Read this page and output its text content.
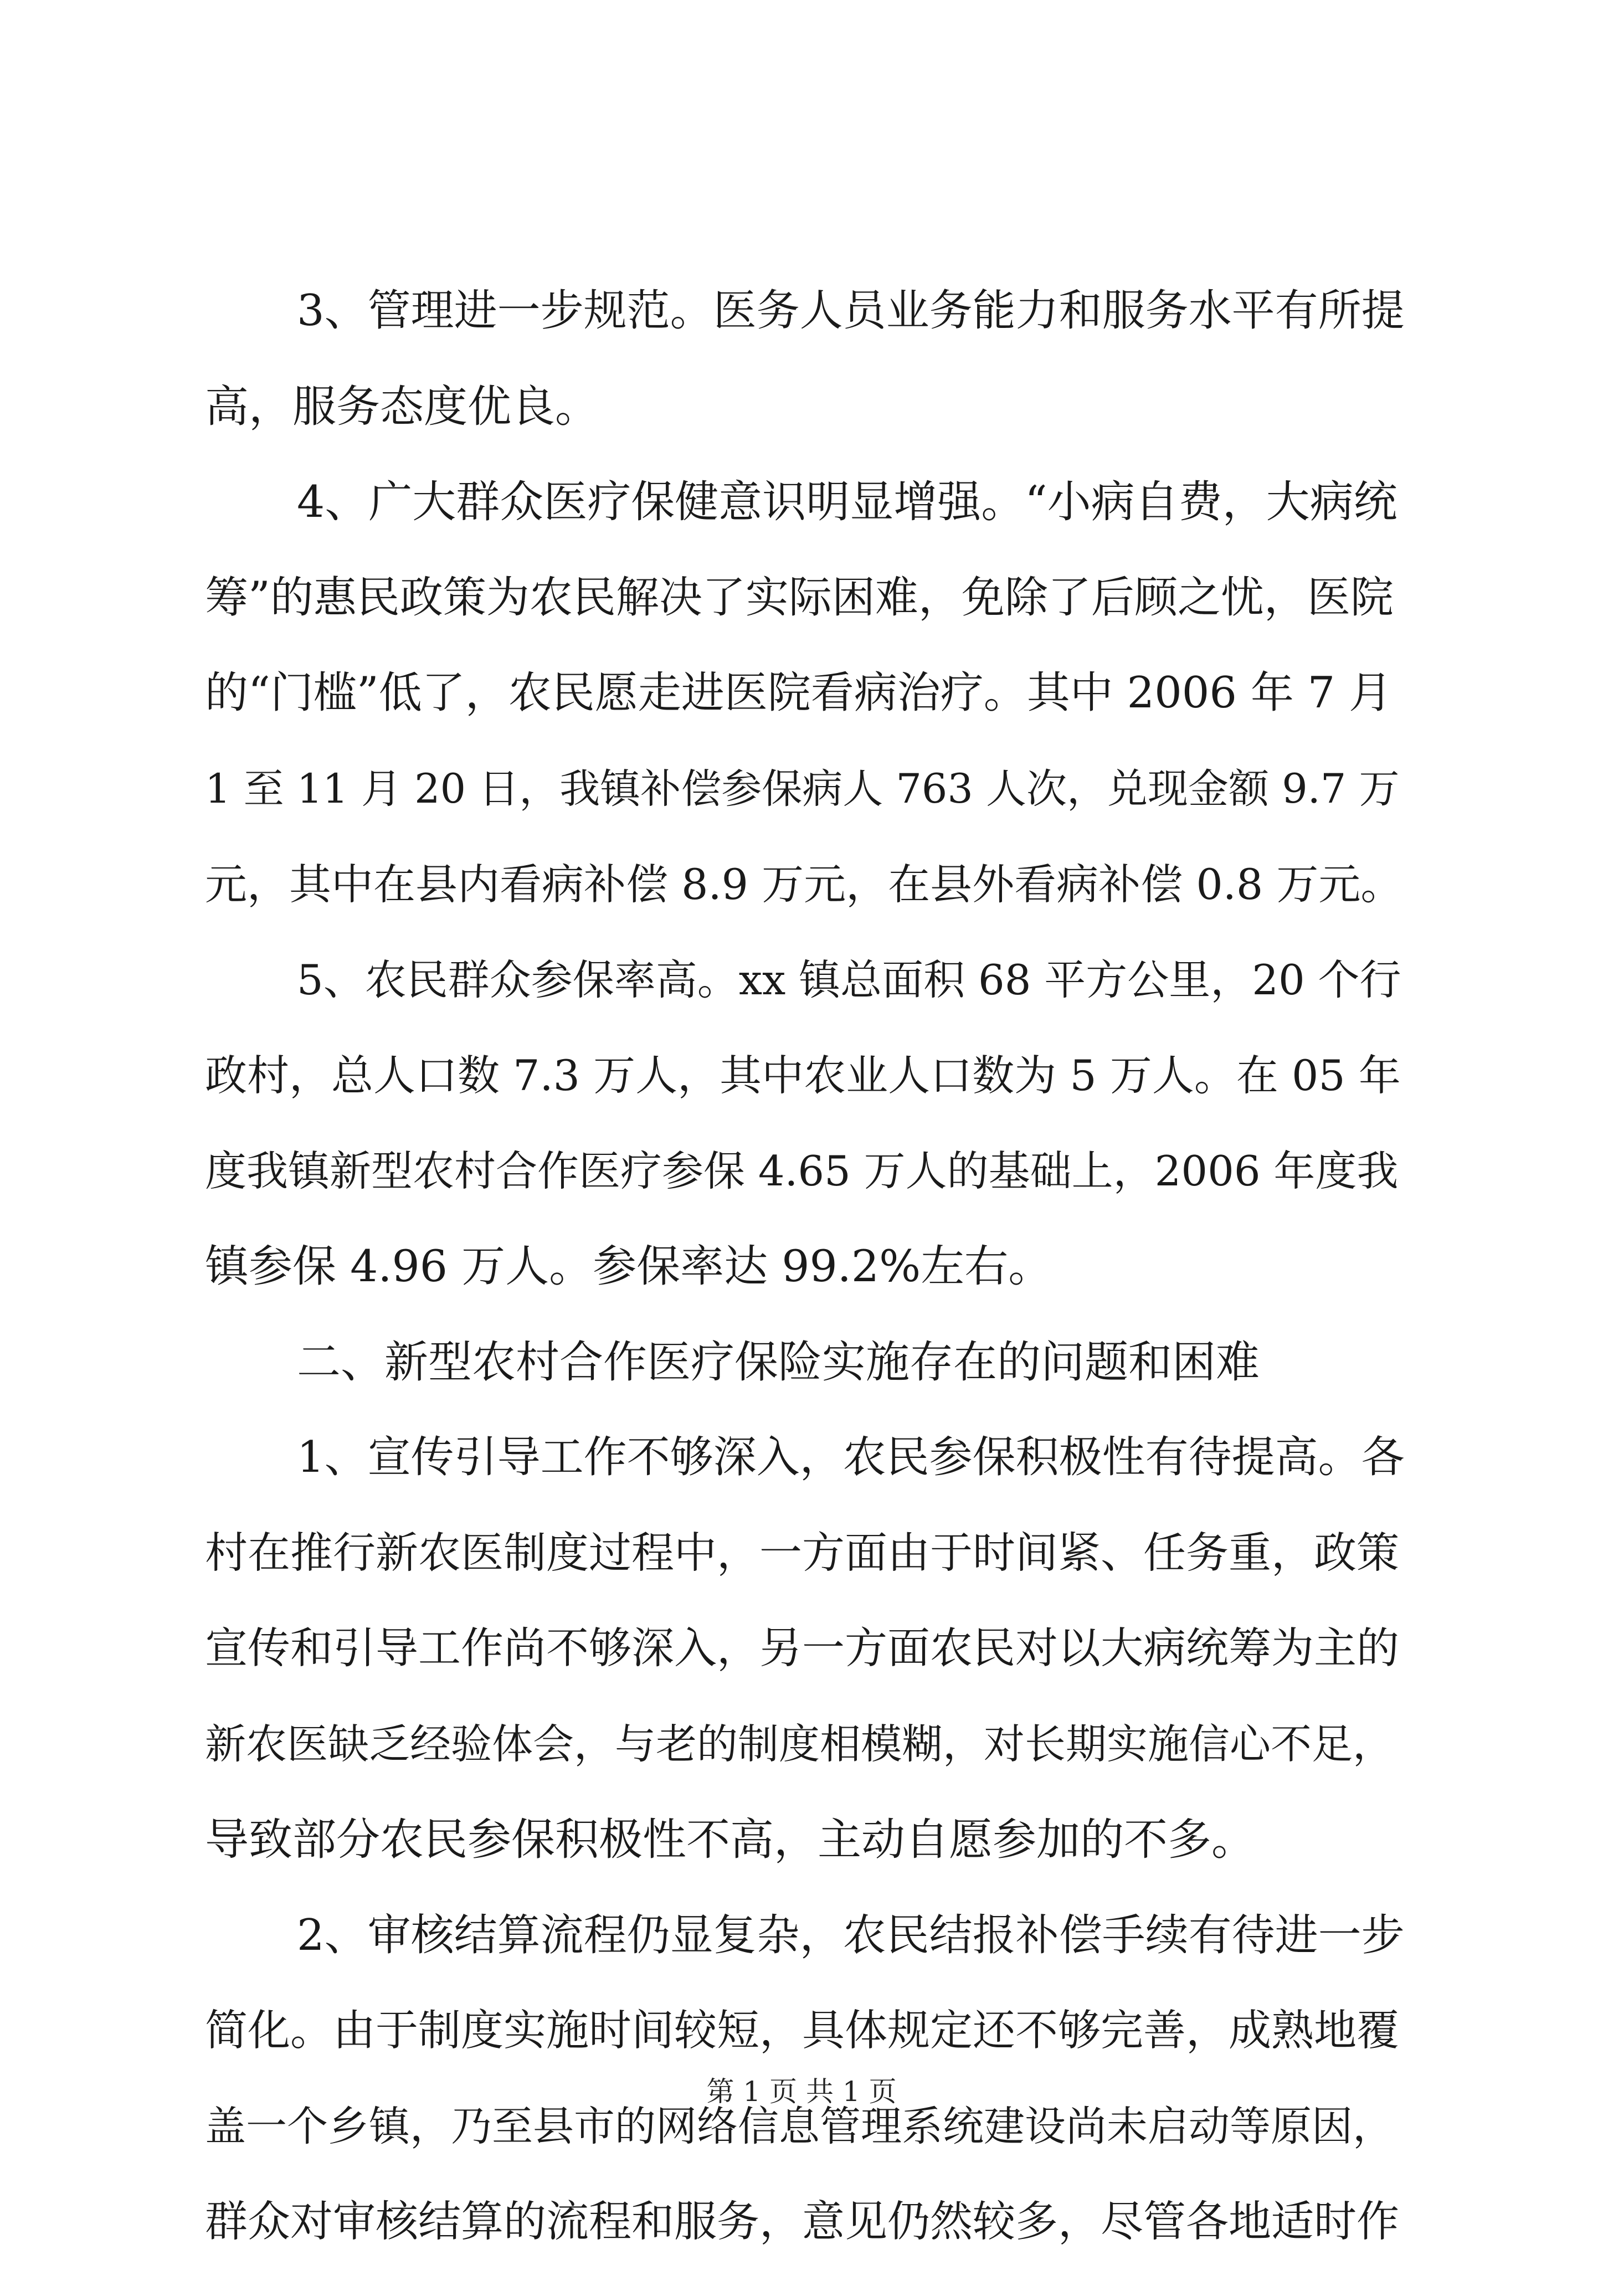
3、管理进一步规范。医务人员业务能力和服务水平有所提
高，服务态度优良。
4、广大群众医疗保健意识明显增强。“小病自费，大病统
筹”的惠民政策为农民解决了实际困难，免除了后顾之忧，医院
的“门槛”低了，农民愿走进医院看病治疗。其中 2006 年 7 月
1 至 11 月 20 日，我镇补偿参保病人 763 人次，兑现金额 9.7 万
元，其中在县内看病补偿 8.9 万元，在县外看病补偿 0.8 万元。
5、农民群众参保率高。xx 镇总面积 68 平方公里，20 个行
政村，总人口数 7.3 万人，其中农业人口数为 5 万人。在 05 年
度我镇新型农村合作医疗参保 4.65 万人的基础上，2006 年度我
镇参保 4.96 万人。参保率达 99.2%左右。
二、新型农村合作医疗保险实施存在的问题和困难
1、宣传引导工作不够深入，农民参保积极性有待提高。各
村在推行新农医制度过程中，一方面由于时间紧、任务重，政策
宣传和引导工作尚不够深入，另一方面农民对以大病统筹为主的
新农医缺乏经验体会，与老的制度相模糊，对长期实施信心不足，
导致部分农民参保积极性不高，主动自愿参加的不多。
2、审核结算流程仍显复杂，农民结报补偿手续有待进一步
简化。由于制度实施时间较短，具体规定还不够完善，成熟地覆
盖一个乡镇，乃至县市的网络信息管理系统建设尚未启动等原因，
群众对审核结算的流程和服务，意见仍然较多，尽管各地适时作
第 1 页 共 1 页
